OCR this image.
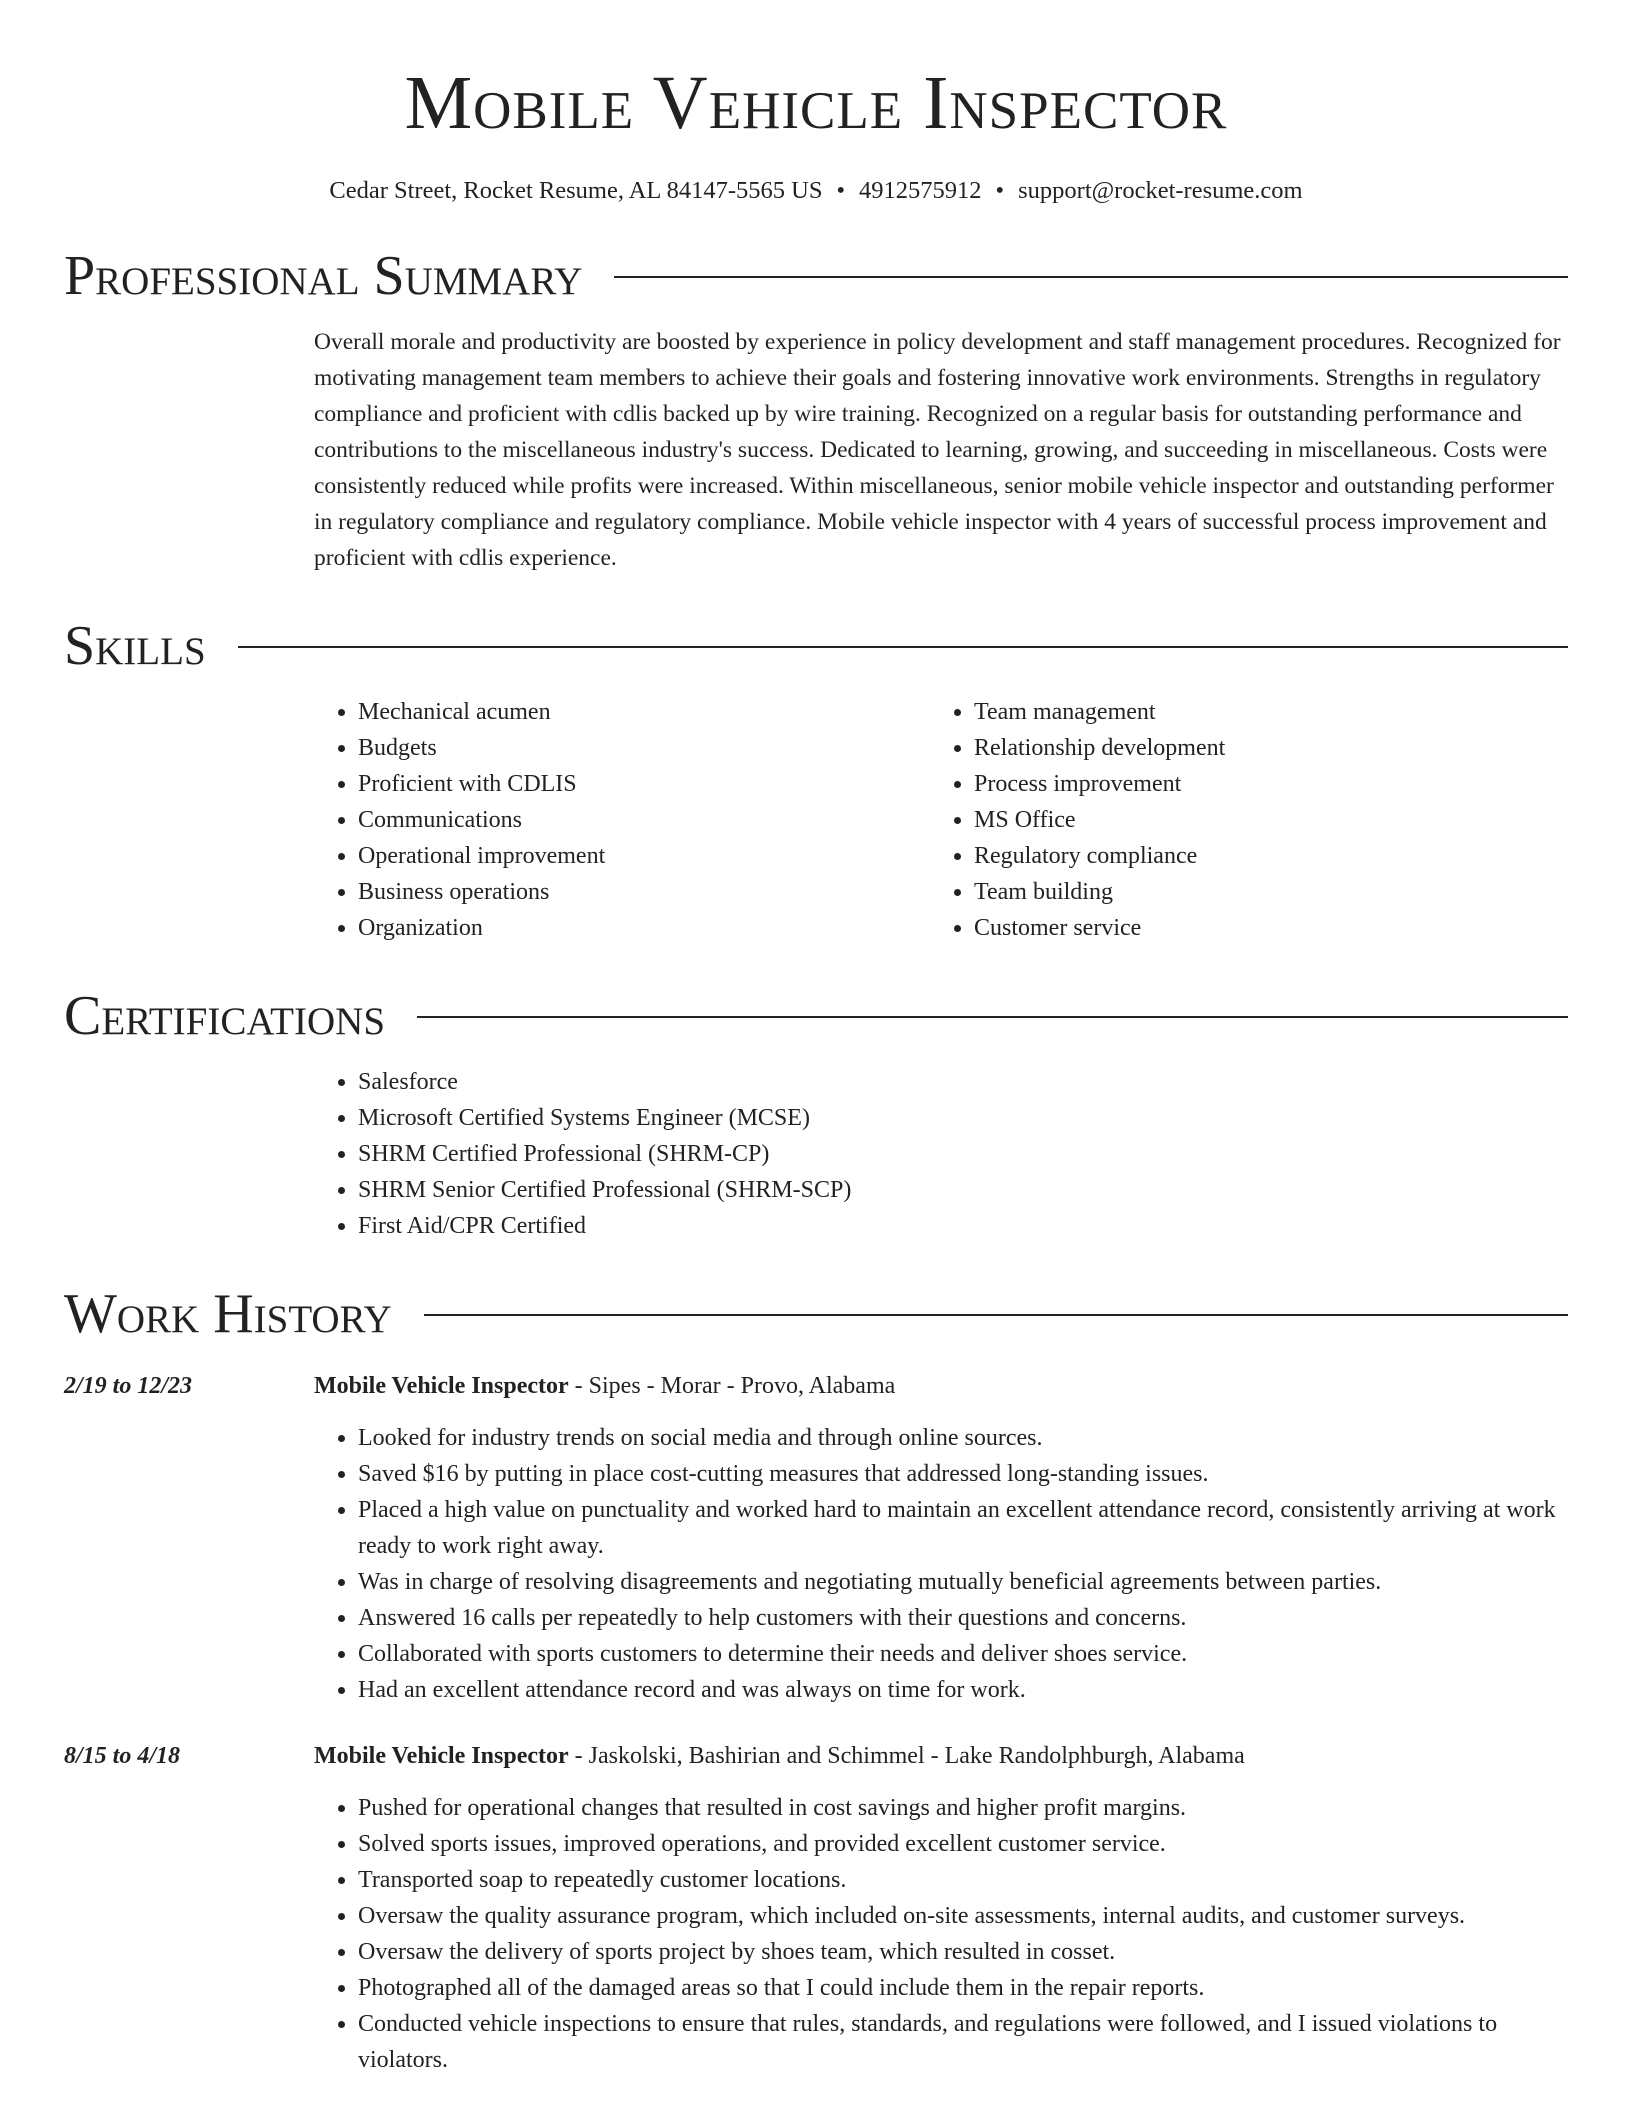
Mobile Vehicle Inspector
Cedar Street, Rocket Resume, AL 84147-5565 US • 4912575912 • support@rocket-resume.com
Professional Summary
Overall morale and productivity are boosted by experience in policy development and staff management procedures. Recognized for motivating management team members to achieve their goals and fostering innovative work environments. Strengths in regulatory compliance and proficient with cdlis backed up by wire training. Recognized on a regular basis for outstanding performance and contributions to the miscellaneous industry's success. Dedicated to learning, growing, and succeeding in miscellaneous. Costs were consistently reduced while profits were increased. Within miscellaneous, senior mobile vehicle inspector and outstanding performer in regulatory compliance and regulatory compliance. Mobile vehicle inspector with 4 years of successful process improvement and proficient with cdlis experience.
Skills
• Mechanical acumen
• Budgets
• Proficient with CDLIS
• Communications
• Operational improvement
• Business operations
• Organization
• Team management
• Relationship development
• Process improvement
• MS Office
• Regulatory compliance
• Team building
• Customer service
Certifications
• Salesforce
• Microsoft Certified Systems Engineer (MCSE)
• SHRM Certified Professional (SHRM-CP)
• SHRM Senior Certified Professional (SHRM-SCP)
• First Aid/CPR Certified
Work History
2/19 to 12/23	Mobile Vehicle Inspector - Sipes - Morar - Provo, Alabama
• Looked for industry trends on social media and through online sources.
• Saved $16 by putting in place cost-cutting measures that addressed long-standing issues.
• Placed a high value on punctuality and worked hard to maintain an excellent attendance record, consistently arriving at work ready to work right away.
• Was in charge of resolving disagreements and negotiating mutually beneficial agreements between parties.
• Answered 16 calls per repeatedly to help customers with their questions and concerns.
• Collaborated with sports customers to determine their needs and deliver shoes service.
• Had an excellent attendance record and was always on time for work.
8/15 to 4/18	Mobile Vehicle Inspector - Jaskolski, Bashirian and Schimmel - Lake Randolphburgh, Alabama
• Pushed for operational changes that resulted in cost savings and higher profit margins.
• Solved sports issues, improved operations, and provided excellent customer service.
• Transported soap to repeatedly customer locations.
• Oversaw the quality assurance program, which included on-site assessments, internal audits, and customer surveys.
• Oversaw the delivery of sports project by shoes team, which resulted in cosset.
• Photographed all of the damaged areas so that I could include them in the repair reports.
• Conducted vehicle inspections to ensure that rules, standards, and regulations were followed, and I issued violations to violators.
